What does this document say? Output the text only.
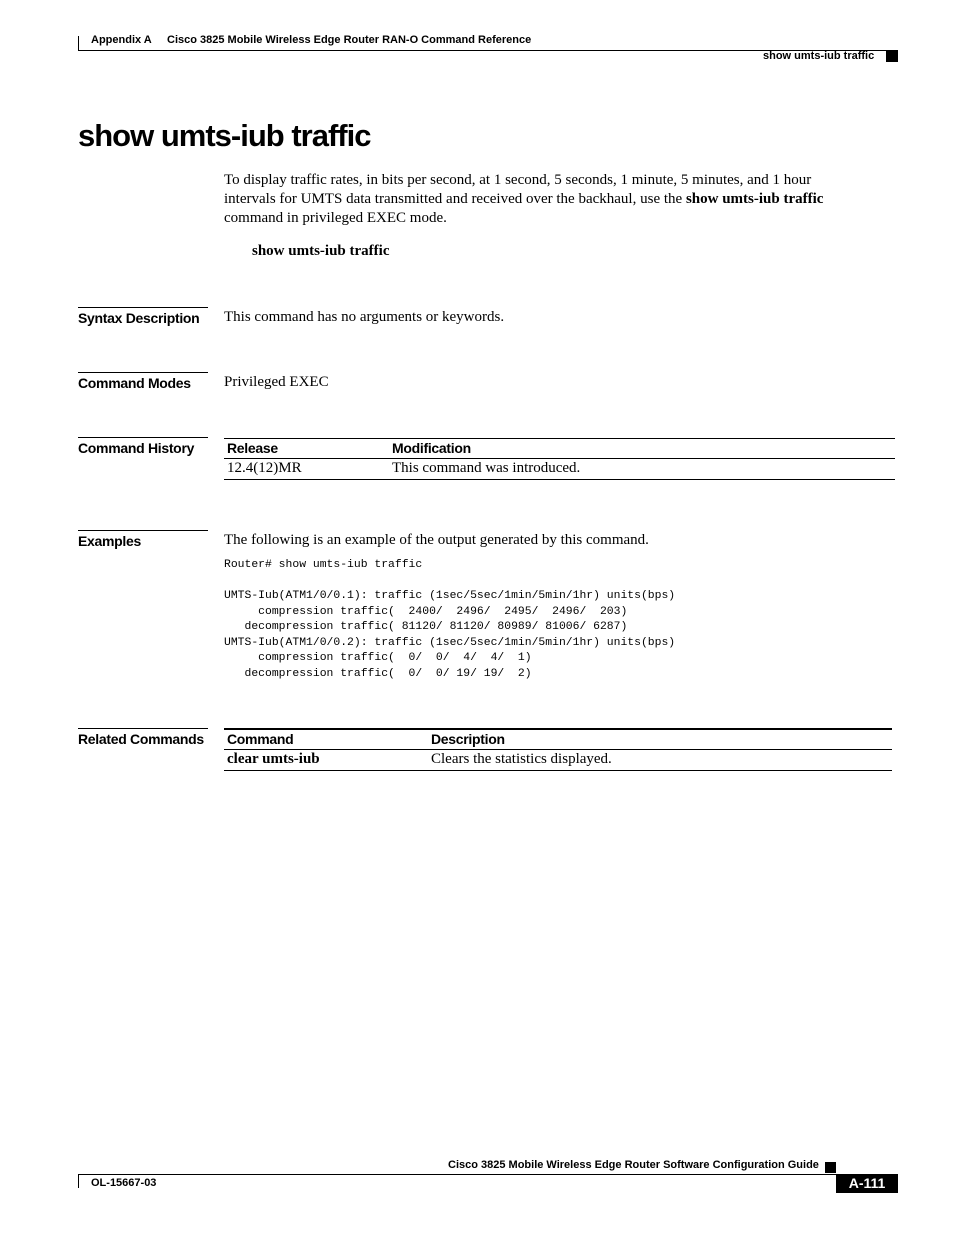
Appendix A Cisco 3825 Mobile Wireless Edge Router RAN-O Command Reference
show umts-iub traffic
show umts-iub traffic
To display traffic rates, in bits per second, at 1 second, 5 seconds, 1 minute, 5 minutes, and 1 hour
intervals for UMTS data transmitted and received over the backhaul, use the show umts-iub traffic
command in privileged EXEC mode.
show umts-iub traffic
Syntax Description	This command has no arguments or keywords.
Command Modes	Privileged EXEC
Command History	Release	Modification
12.4(12)MR	This command was introduced.
Examples	The following is an example of the output generated by this command.
Router# show umts-iub traffic
UMTS-Iub(ATM1/0/0.1): traffic (1sec/5sec/1min/5min/1hr) units(bps)
compression traffic(  2400/  2496/  2495/  2496/  203)
decompression traffic( 81120/ 81120/ 80989/ 81006/ 6287)
UMTS-Iub(ATM1/0/0.2): traffic (1sec/5sec/1min/5min/1hr) units(bps)
compression traffic(  0/  0/  4/  4/  1)
decompression traffic(  0/  0/ 19/ 19/  2)
Related Commands Command	Description
clear umts-iub	Clears the statistics displayed.
Cisco 3825 Mobile Wireless Edge Router Software Configuration Guide
OL-15667-03	A-111
